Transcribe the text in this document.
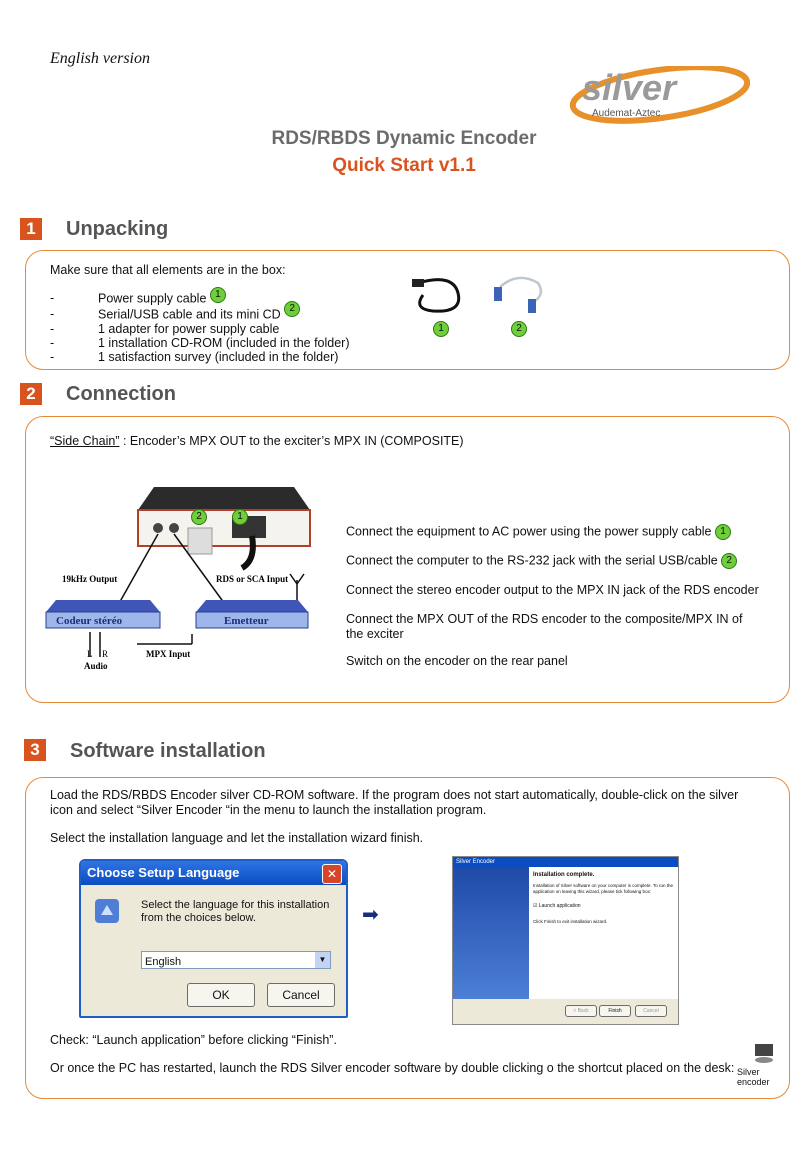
English version
silver
Audemat-Aztec
RDS/RBDS Dynamic Encoder
Quick Start v1.1
1	Unpacking
Make sure that all elements are in the box:
-	Power supply cable 1
-	Serial/USB cable and its mini CD 2
-	1 adapter for power supply cable
-	1 installation CD-ROM (included in the folder)
-	1 satisfaction survey (included in the folder)
1	2
2	Connection
“Side Chain” : Encoder’s MPX OUT to the exciter’s MPX IN (COMPOSITE)
19kHz Output	RDS or SCA Input
Codeur stéréo	Emetteur
MPX Input
L R
Audio
2	1
Connect the equipment to AC power using the power supply cable 1
Connect the computer to the RS-232 jack with the serial USB/cable 2
Connect the stereo encoder output to the MPX IN jack of the RDS encoder
Connect the MPX OUT of the RDS encoder to the composite/MPX IN of the exciter
Switch on the encoder on the rear panel
3	Software installation
Load the RDS/RBDS Encoder silver CD-ROM software. If the program does not start automatically, double-click on the silver icon and select “Silver Encoder “in the menu to launch the installation program.
Select the installation language and let the installation wizard finish.
Choose Setup Language	✕
Select the language for this installation from the choices below.
English	▼
OK	Cancel
➡
Silver Encoder
Installation complete.
Installation of Silver software on your computer is complete. To run the application on leaving this wizard, please tick following box:
☑ Launch application
Click Finish to exit installation wizard.
< Back	Finish	Cancel
Check: “Launch application” before clicking “Finish”.
Or once the PC has restarted, launch the RDS Silver encoder software by double clicking o the shortcut placed on the desk: Silver encoder
